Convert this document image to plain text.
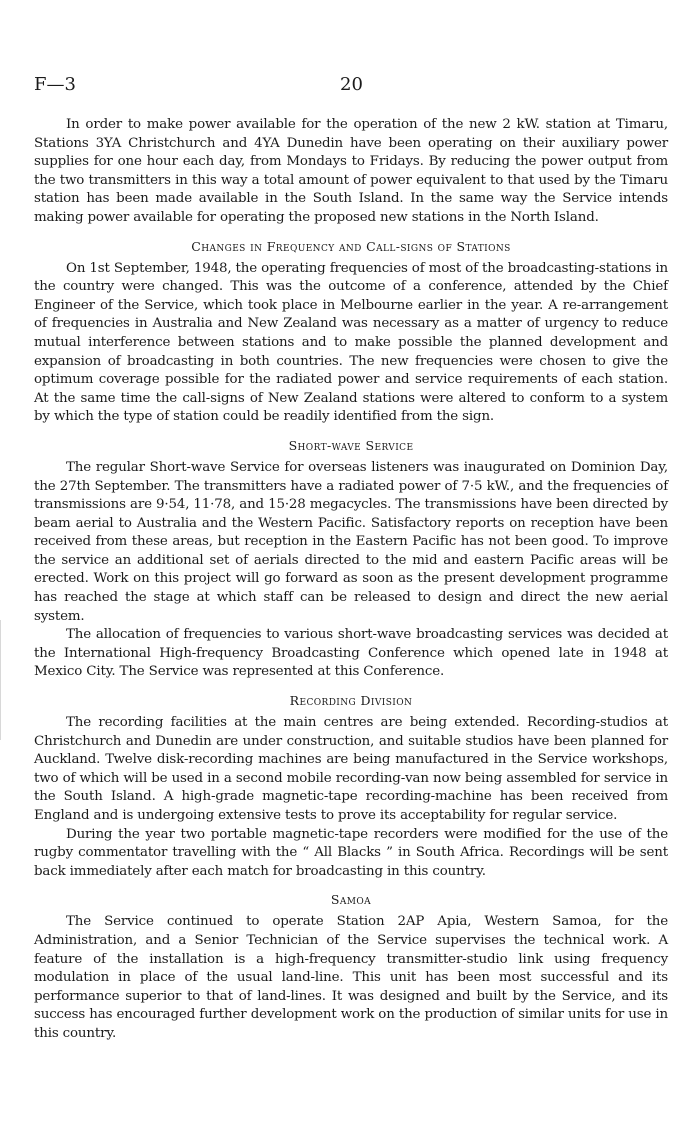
F—3	20

In order to make power available for the operation of the new 2 kW. station at Timaru, Stations 3YA Christchurch and 4YA Dunedin have been operating on their auxiliary power supplies for one hour each day, from Mondays to Fridays. By reducing the power output from the two transmitters in this way a total amount of power equivalent to that used by the Timaru station has been made available in the South Island. In the same way the Service intends making power available for operating the proposed new stations in the North Island.

Changes in Frequency and Call-signs of Stations

On 1st September, 1948, the operating frequencies of most of the broadcasting-stations in the country were changed. This was the outcome of a conference, attended by the Chief Engineer of the Service, which took place in Melbourne earlier in the year. A re-arrangement of frequencies in Australia and New Zealand was necessary as a matter of urgency to reduce mutual interference between stations and to make possible the planned development and expansion of broadcasting in both countries. The new frequencies were chosen to give the optimum coverage possible for the radiated power and service requirements of each station. At the same time the call-signs of New Zealand stations were altered to conform to a system by which the type of station could be readily identified from the sign.

Short-wave Service

The regular Short-wave Service for overseas listeners was inaugurated on Dominion Day, the 27th September. The transmitters have a radiated power of 7·5 kW., and the frequencies of transmissions are 9·54, 11·78, and 15·28 megacycles. The transmissions have been directed by beam aerial to Australia and the Western Pacific. Satisfactory reports on reception have been received from these areas, but reception in the Eastern Pacific has not been good. To improve the service an additional set of aerials directed to the mid and eastern Pacific areas will be erected. Work on this project will go forward as soon as the present development programme has reached the stage at which staff can be released to design and direct the new aerial system.

The allocation of frequencies to various short-wave broadcasting services was decided at the International High-frequency Broadcasting Conference which opened late in 1948 at Mexico City. The Service was represented at this Conference.

Recording Division

The recording facilities at the main centres are being extended. Recording-studios at Christchurch and Dunedin are under construction, and suitable studios have been planned for Auckland. Twelve disk-recording machines are being manufactured in the Service workshops, two of which will be used in a second mobile recording-van now being assembled for service in the South Island. A high-grade magnetic-tape recording-machine has been received from England and is undergoing extensive tests to prove its acceptability for regular service.

During the year two portable magnetic-tape recorders were modified for the use of the rugby commentator travelling with the “ All Blacks ” in South Africa. Recordings will be sent back immediately after each match for broadcasting in this country.

Samoa

The Service continued to operate Station 2AP Apia, Western Samoa, for the Administration, and a Senior Technician of the Service supervises the technical work. A feature of the installation is a high-frequency transmitter-studio link using frequency modulation in place of the usual land-line. This unit has been most successful and its performance superior to that of land-lines. It was designed and built by the Service, and its success has encouraged further development work on the production of similar units for use in this country.
